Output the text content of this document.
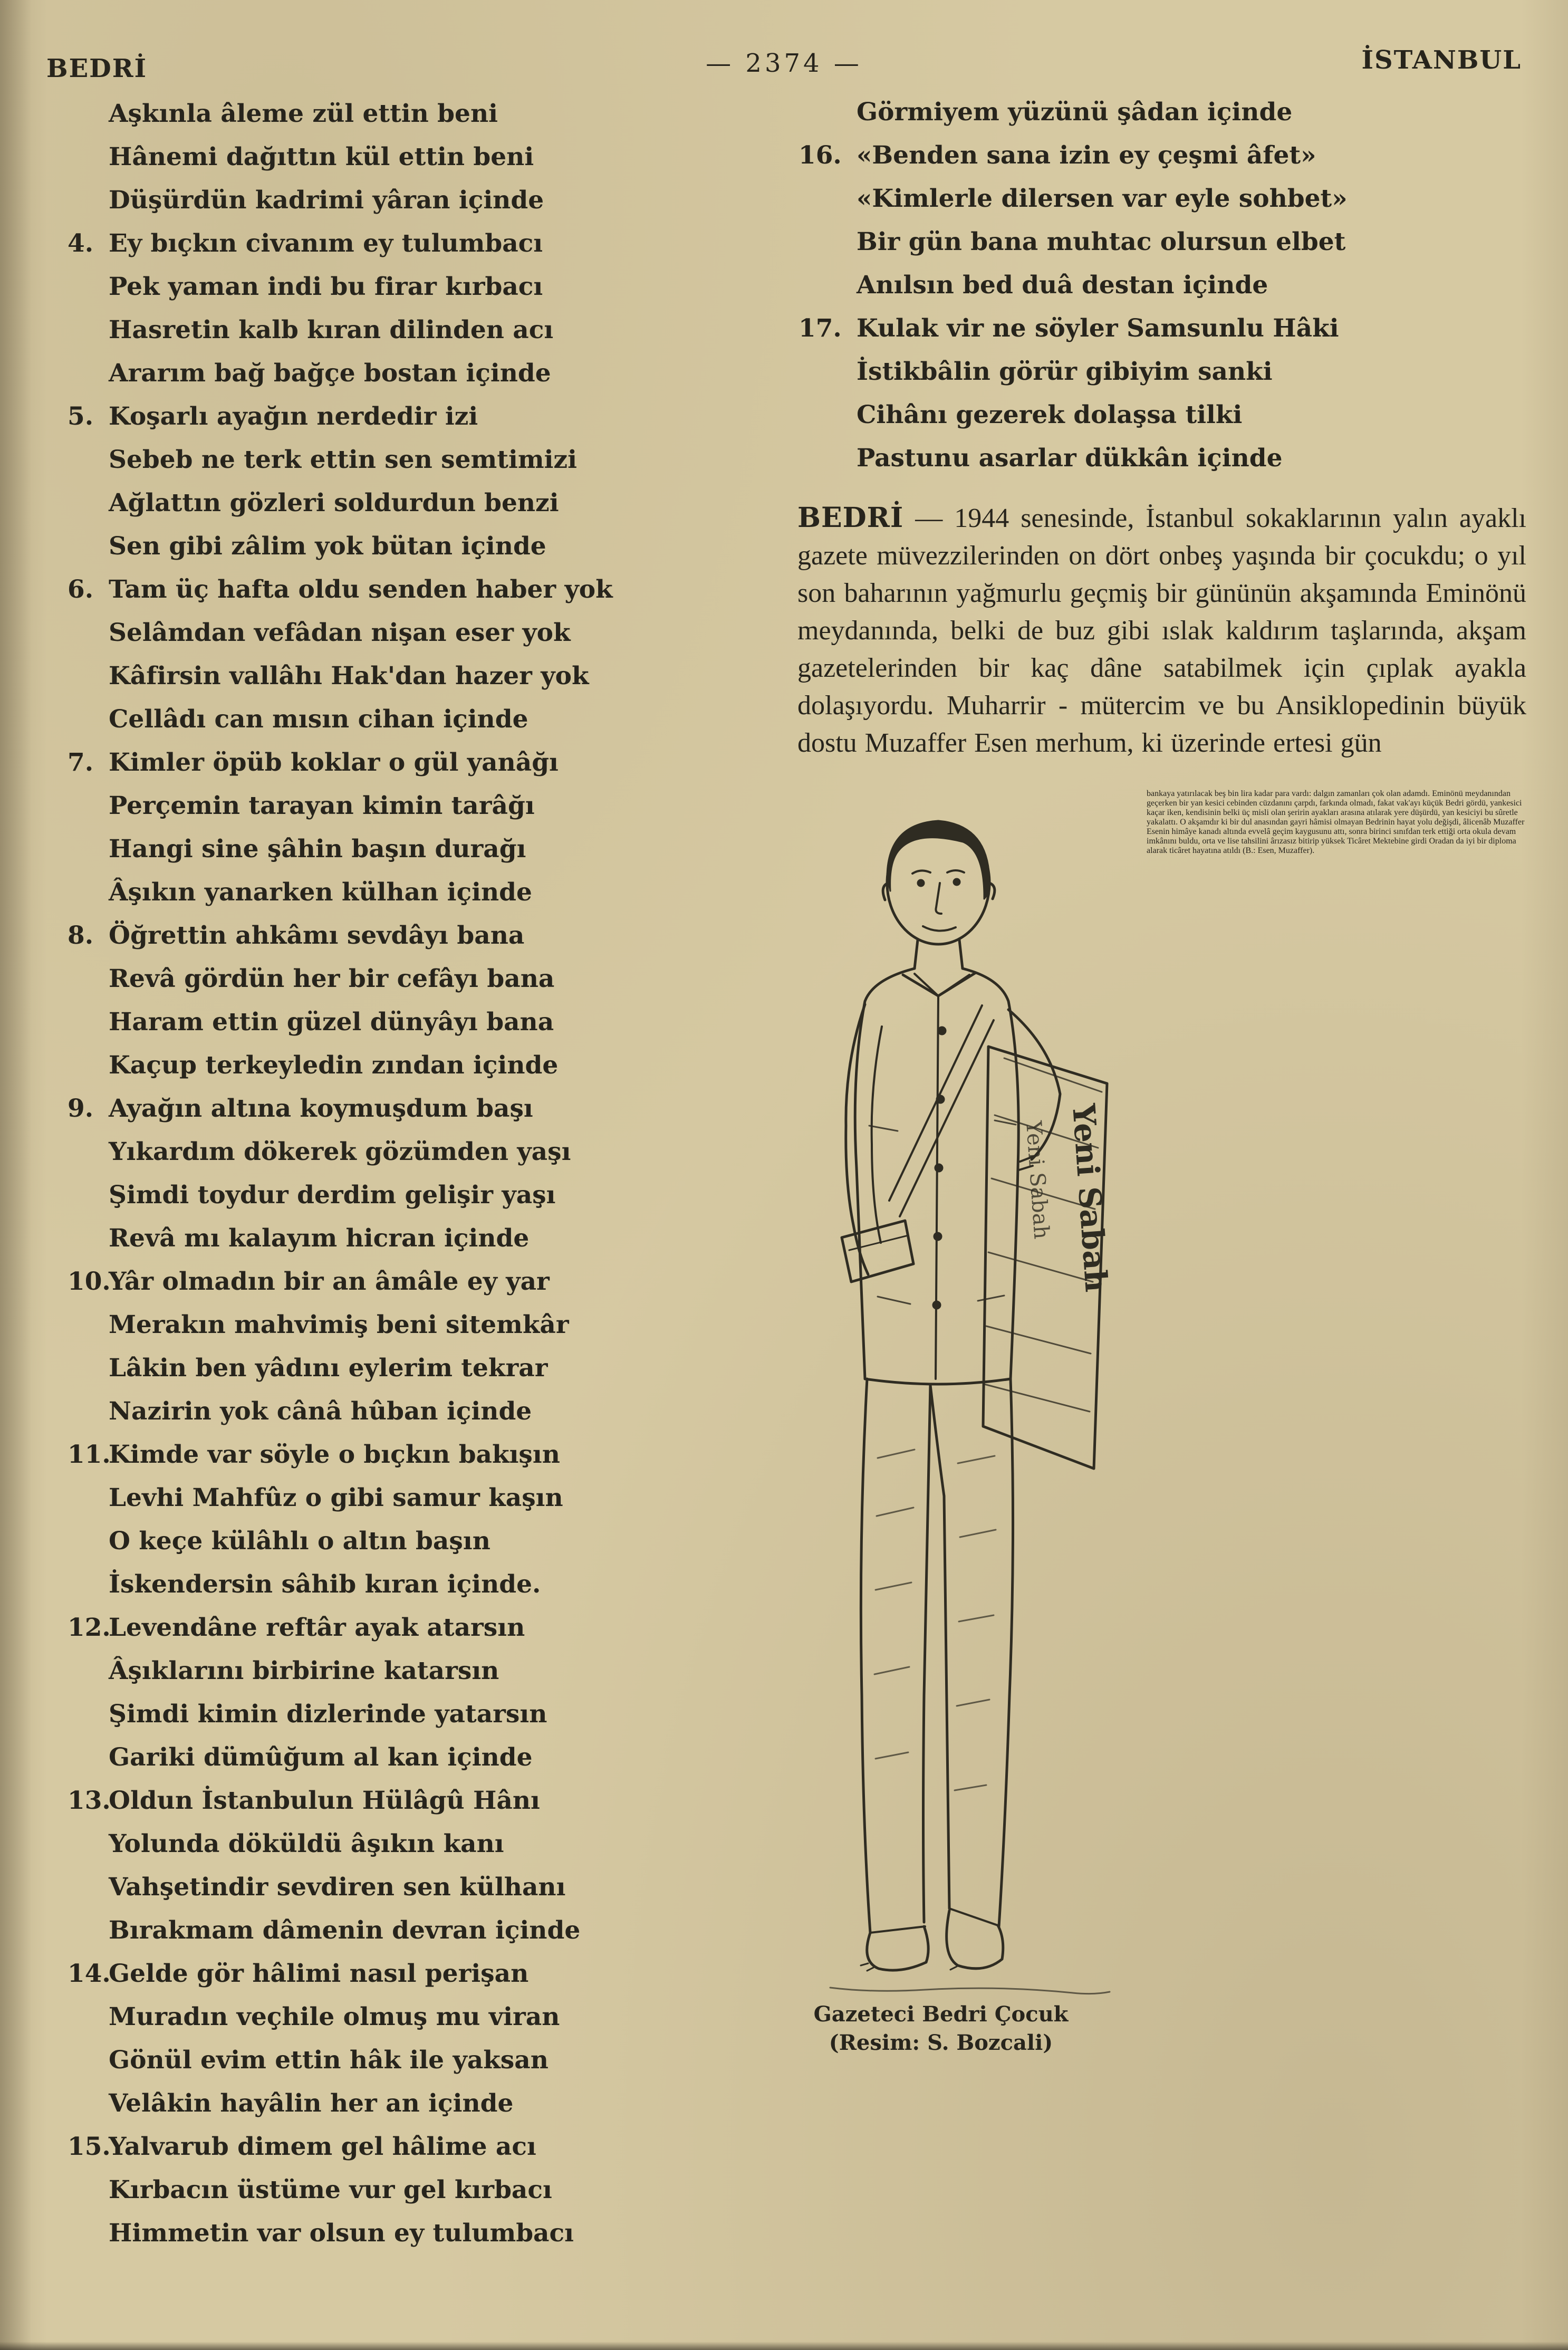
BEDRİ	— 2374 —	İSTANBUL
Aşkınla âleme zül ettin beni
Hânemi dağıttın kül ettin beni
Düşürdün kadrimi yâran içinde
4. Ey bıçkın civanım ey tulumbacı
Pek yaman indi bu firar kırbacı
Hasretin kalb kıran dilinden acı
Ararım bağ bağçe bostan içinde
5. Koşarlı ayağın nerdedir izi
Sebeb ne terk ettin sen semtimizi
Ağlattın gözleri soldurdun benzi
Sen gibi zâlim yok bütan içinde
6. Tam üç hafta oldu senden haber yok
Selâmdan vefâdan nişan eser yok
Kâfirsin vallâhı Hak'dan hazer yok
Cellâdı can mısın cihan içinde
7. Kimler öpüb koklar o gül yanâğı
Perçemin tarayan kimin tarâğı
Hangi sine şâhin başın durağı
Âşıkın yanarken külhan içinde
8. Öğrettin ahkâmı sevdâyı bana
Revâ gördün her bir cefâyı bana
Haram ettin güzel dünyâyı bana
Kaçup terkeyledin zından içinde
9. Ayağın altına koymuşdum başı
Yıkardım dökerek gözümden yaşı
Şimdi toydur derdim gelişir yaşı
Revâ mı kalayım hicran içinde
10.
Yâr olmadın bir an âmâle ey yar
Merakın mahvimiş beni sitemkâr
Lâkin ben yâdını eylerim tekrar
Nazirin yok cânâ hûban içinde
11.
Kimde var söyle o bıçkın bakışın
Levhi Mahfûz o gibi samur kaşın
O keçe külâhlı o altın başın
İskendersin sâhib kıran içinde.
12.
Levendâne reftâr ayak atarsın
Âşıklarını birbirine katarsın
Şimdi kimin dizlerinde yatarsın
Gariki dümûğum al kan içinde
13.
Oldun İstanbulun Hülâgû Hânı
Yolunda döküldü âşıkın kanı
Vahşetindir sevdiren sen külhanı
Bırakmam dâmenin devran içinde
14.
Gelde gör hâlimi nasıl perişan
Muradın veçhile olmuş mu viran
Gönül evim ettin hâk ile yaksan
Velâkin hayâlin her an içinde
15.
Yalvarub dimem gel hâlime acı
Kırbacın üstüme vur gel kırbacı
Himmetin var olsun ey tulumbacı
Görmiyem yüzünü şâdan içinde
16. «Benden sana izin ey çeşmi âfet»
«Kimlerle dilersen var eyle sohbet»
Bir gün bana muhtac olursun elbet
Anılsın bed duâ destan içinde
17. Kulak vir ne söyler Samsunlu Hâki
İstikbâlin görür gibiyim sanki
Cihânı gezerek dolaşsa tilki
Pastunu asarlar dükkân içinde

BEDRİ — 1944 senesinde, İstanbul sokaklarının yalın ayaklı gazete müvezzilerinden on dört onbeş yaşında bir çocukdu; o yıl son baharının yağmurlu geçmiş bir gününün akşamında Eminönü meydanında, belki de buz gibi ıslak kaldırım taşlarında, akşam gazetelerinden bir kaç dâne satabilmek için çıplak ayakla dolaşıyordu. Muharrir - mütercim ve bu Ansiklopedinin büyük dostu Muzaffer Esen merhum, ki üzerinde ertesi gün

Yeni Sabah
Yeni Sabah
Gazeteci Bedri Çocuk
(Resim: S. Bozcali)
bankaya yatırılacak beş bin lira kadar para vardı: dalgın zamanları çok olan adamdı. Eminönü meydanından geçerken bir yan kesici cebinden cüzdanını çarpdı, farkında olmadı, fakat vak'ayı küçük Bedri gördü, yankesici kaçar iken, kendisinin belki üç misli olan şeririn ayakları arasına atılarak yere düşürdü, yan kesiciyi bu sûretle yakalattı. O akşamdır ki bir dul anasından gayri hâmisi olmayan Bedrinin hayat yolu değişdi, âlicenâb Muzaffer Esenin himâye kanadı altında evvelâ geçim kaygusunu attı, sonra birinci sınıfdan terk ettiği orta okula devam imkânını buldu, orta ve lise tahsilini ârızasız bitirip yüksek Ticâret Mektebine girdi Oradan da iyi bir diploma alarak ticâret hayatına atıldı (B.: Esen, Muzaffer).
